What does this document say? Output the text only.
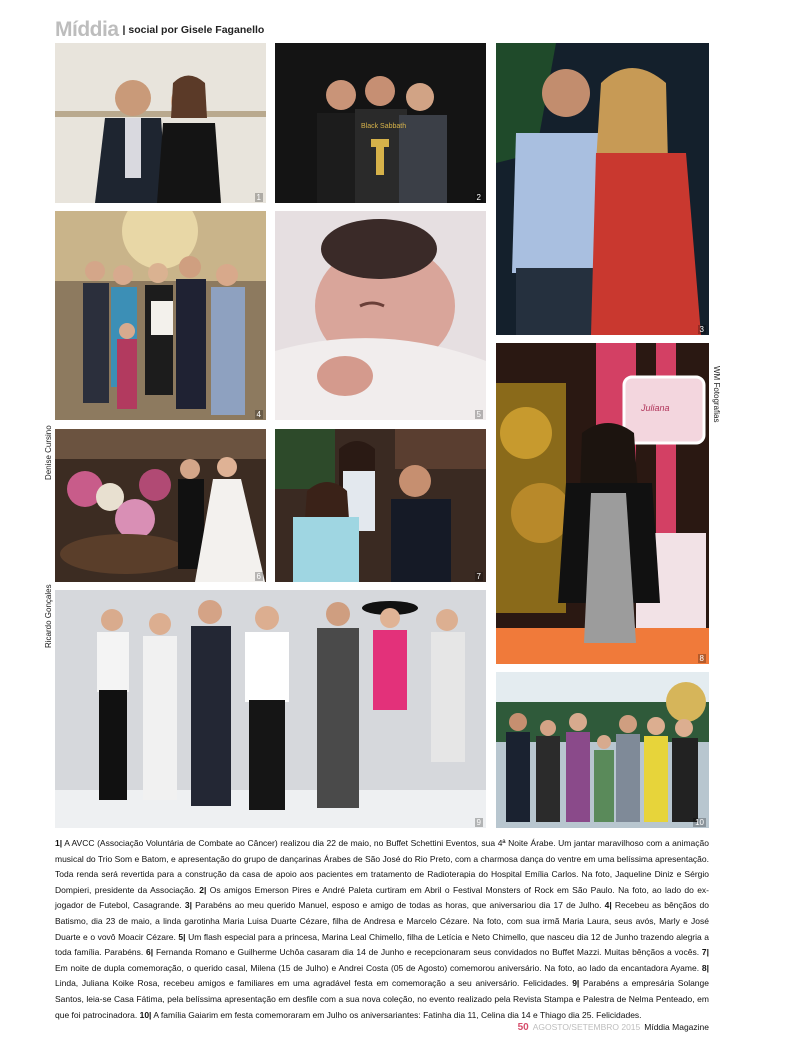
Míddia | social por Gisele Faganello
1
Black Sabbath
2
3
4	5
6	7
Juliana
8
9	10
WM Fotografias
Denise Cursino
Ricardo Gonçales
1| A AVCC (Associação Voluntária de Combate ao Câncer) realizou dia 22 de maio, no Buffet Schettini Eventos, sua 4ª Noite Árabe. Um jantar maravilhoso com a animação musical do Trio Som e Batom, e apresentação do grupo de dançarinas Árabes de São José do Rio Preto, com a charmosa dança do ventre em uma belíssima apresentação. Toda renda será revertida para a construção da casa de apoio aos pacientes em tratamento de Radioterapia do Hospital Emília Carlos. Na foto, Jaqueline Diniz e Sérgio Dompieri, presidente da Associação. 2| Os amigos Emerson Pires e André Paleta curtiram em Abril o Festival Monsters of Rock em São Paulo. Na foto, ao lado do ex-jogador de Futebol, Casagrande. 3| Parabéns ao meu querido Manuel, esposo e amigo de todas as horas, que aniversariou dia 17 de Julho. 4| Recebeu as bênçãos do Batismo, dia 23 de maio, a linda garotinha Maria Luisa Duarte Cézare, filha de Andresa e Marcelo Cézare. Na foto, com sua irmã Maria Laura, seus avós, Marly e José Duarte e o vovô Moacir Cézare. 5| Um flash especial para a princesa, Marina Leal Chimello, filha de Letícia e Neto Chimello, que nasceu dia 12 de Junho trazendo alegria a toda família. Parabéns. 6| Fernanda Romano e Guilherme Uchôa casaram dia 14 de Junho e recepcionaram seus convidados no Buffet Mazzi. Muitas bênçãos a vocês. 7| Em noite de dupla comemoração, o querido casal, Milena (15 de Julho) e Andrei Costa (05 de Agosto) comemorou aniversário. Na foto, ao lado da encantadora Ayame. 8| Linda, Juliana Koike Rosa, recebeu amigos e familiares em uma agradável festa em comemoração a seu aniversário. Felicidades. 9| Parabéns a empresária Solange Santos, leia-se Casa Fátima, pela belíssima apresentação em desfile com a sua nova coleção, no evento realizado pela Revista Stampa e Palestra de Nelma Penteado, em que foi patrocinadora. 10| A família Gaiarim em festa comemoraram em Julho os aniversariantes: Fatinha dia 11, Celina dia 14 e Thiago dia 25. Felicidades.
50 AGOSTO/SETEMBRO 2015 Míddia Magazine
